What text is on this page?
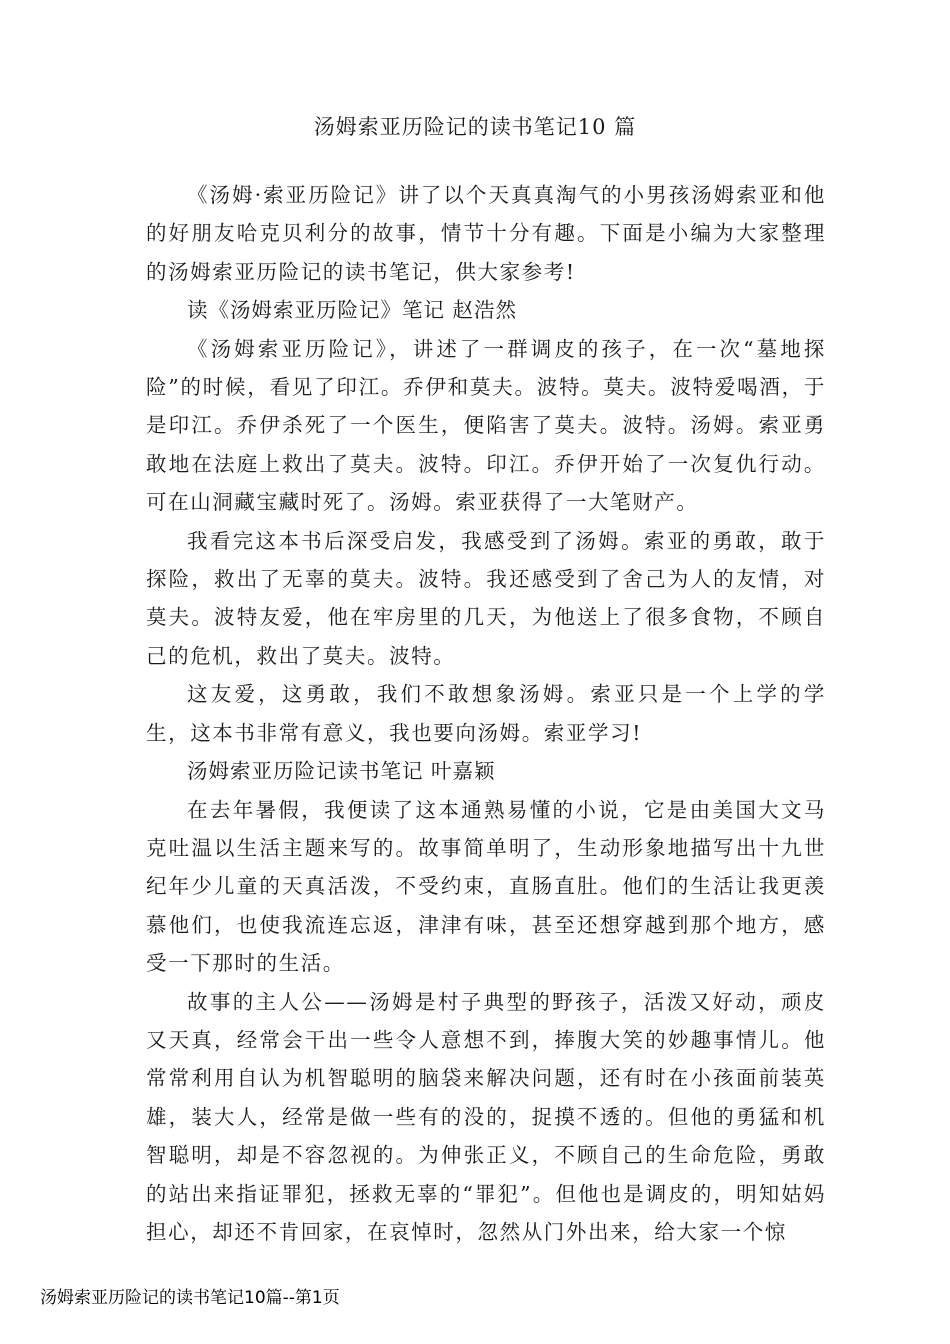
汤姆索亚历险记的读书笔记10 篇

《汤姆·索亚历险记》讲了以个天真真淘气的小男孩汤姆索亚和他的好朋友哈克贝利分的故事，情节十分有趣。下面是小编为大家整理的汤姆索亚历险记的读书笔记，供大家参考!

读《汤姆索亚历险记》笔记 赵浩然

《汤姆索亚历险记》，讲述了一群调皮的孩子，在一次“墓地探险”的时候，看见了印江。乔伊和莫夫。波特。莫夫。波特爱喝酒，于是印江。乔伊杀死了一个医生，便陷害了莫夫。波特。汤姆。索亚勇敢地在法庭上救出了莫夫。波特。印江。乔伊开始了一次复仇行动。可在山洞藏宝藏时死了。汤姆。索亚获得了一大笔财产。

我看完这本书后深受启发，我感受到了汤姆。索亚的勇敢，敢于探险，救出了无辜的莫夫。波特。我还感受到了舍己为人的友情，对莫夫。波特友爱，他在牢房里的几天，为他送上了很多食物，不顾自己的危机，救出了莫夫。波特。

这友爱，这勇敢，我们不敢想象汤姆。索亚只是一个上学的学生，这本书非常有意义，我也要向汤姆。索亚学习!

汤姆索亚历险记读书笔记 叶嘉颖

在去年暑假，我便读了这本通熟易懂的小说，它是由美国大文马克吐温以生活主题来写的。故事简单明了，生动形象地描写出十九世纪年少儿童的天真活泼，不受约束，直肠直肚。他们的生活让我更羡慕他们，也使我流连忘返，津津有味，甚至还想穿越到那个地方，感受一下那时的生活。

故事的主人公——汤姆是村子典型的野孩子，活泼又好动，顽皮又天真，经常会干出一些令人意想不到，捧腹大笑的妙趣事情儿。他常常利用自认为机智聪明的脑袋来解决问题，还有时在小孩面前装英雄，装大人，经常是做一些有的没的，捉摸不透的。但他的勇猛和机智聪明，却是不容忽视的。为伸张正义，不顾自己的生命危险，勇敢的站出来指证罪犯，拯救无辜的“罪犯”。但他也是调皮的，明知姑妈担心，却还不肯回家，在哀悼时，忽然从门外出来，给大家一个惊

汤姆索亚历险记的读书笔记10篇--第1页
